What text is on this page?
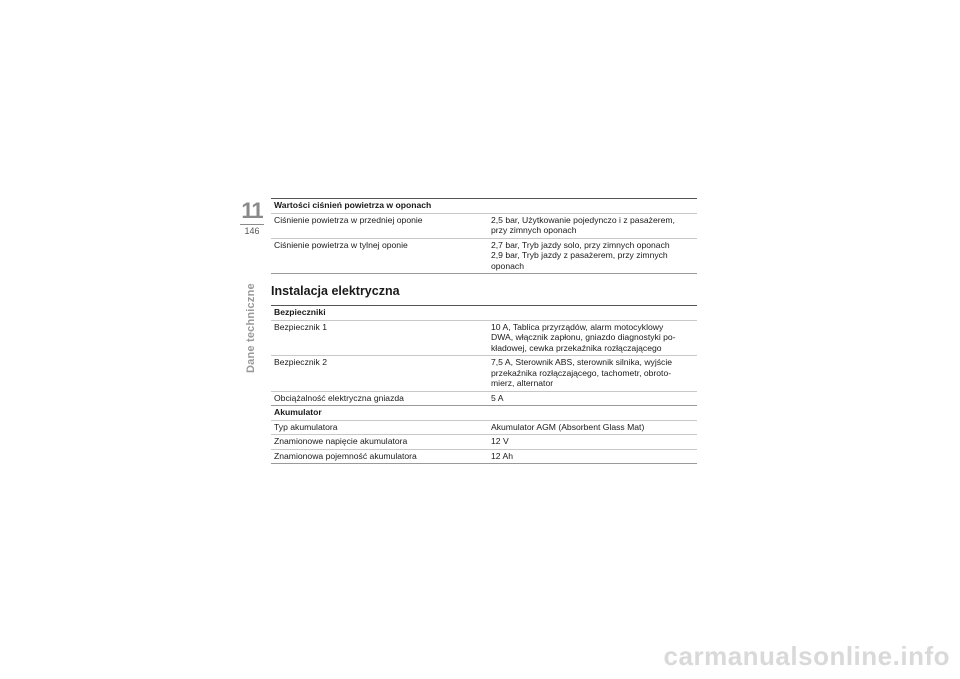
11
146
Dane techniczne
Wartości ciśnień powietrza w oponach	
Ciśnienie powietrza w przedniej oponie	2,5 bar, Użytkowanie pojedynczo i z pasażerem,
przy zimnych oponach

Ciśnienie powietrza w tylnej oponie	2,7 bar, Tryb jazdy solo, przy zimnych oponach
2,9 bar, Tryb jazdy z pasażerem, przy zimnych
oponach
Instalacja elektryczna
Bezpieczniki	
Bezpiecznik 1	10 A, Tablica przyrządów, alarm motocyklowy
DWA, włącznik zapłonu, gniazdo diagnostyki po-
kładowej, cewka przekaźnika rozłączającego

Bezpiecznik 2	7,5 A, Sterownik ABS, sterownik silnika, wyjście
przekaźnika rozłączającego, tachometr, obroto-
mierz, alternator

Obciążalność elektryczna gniazda	5 A

Akumulator	
Typ akumulatora	Akumulator AGM (Absorbent Glass Mat)

Znamionowe napięcie akumulatora	12 V

Znamionowa pojemność akumulatora	12 Ah
carmanualsonline.info
